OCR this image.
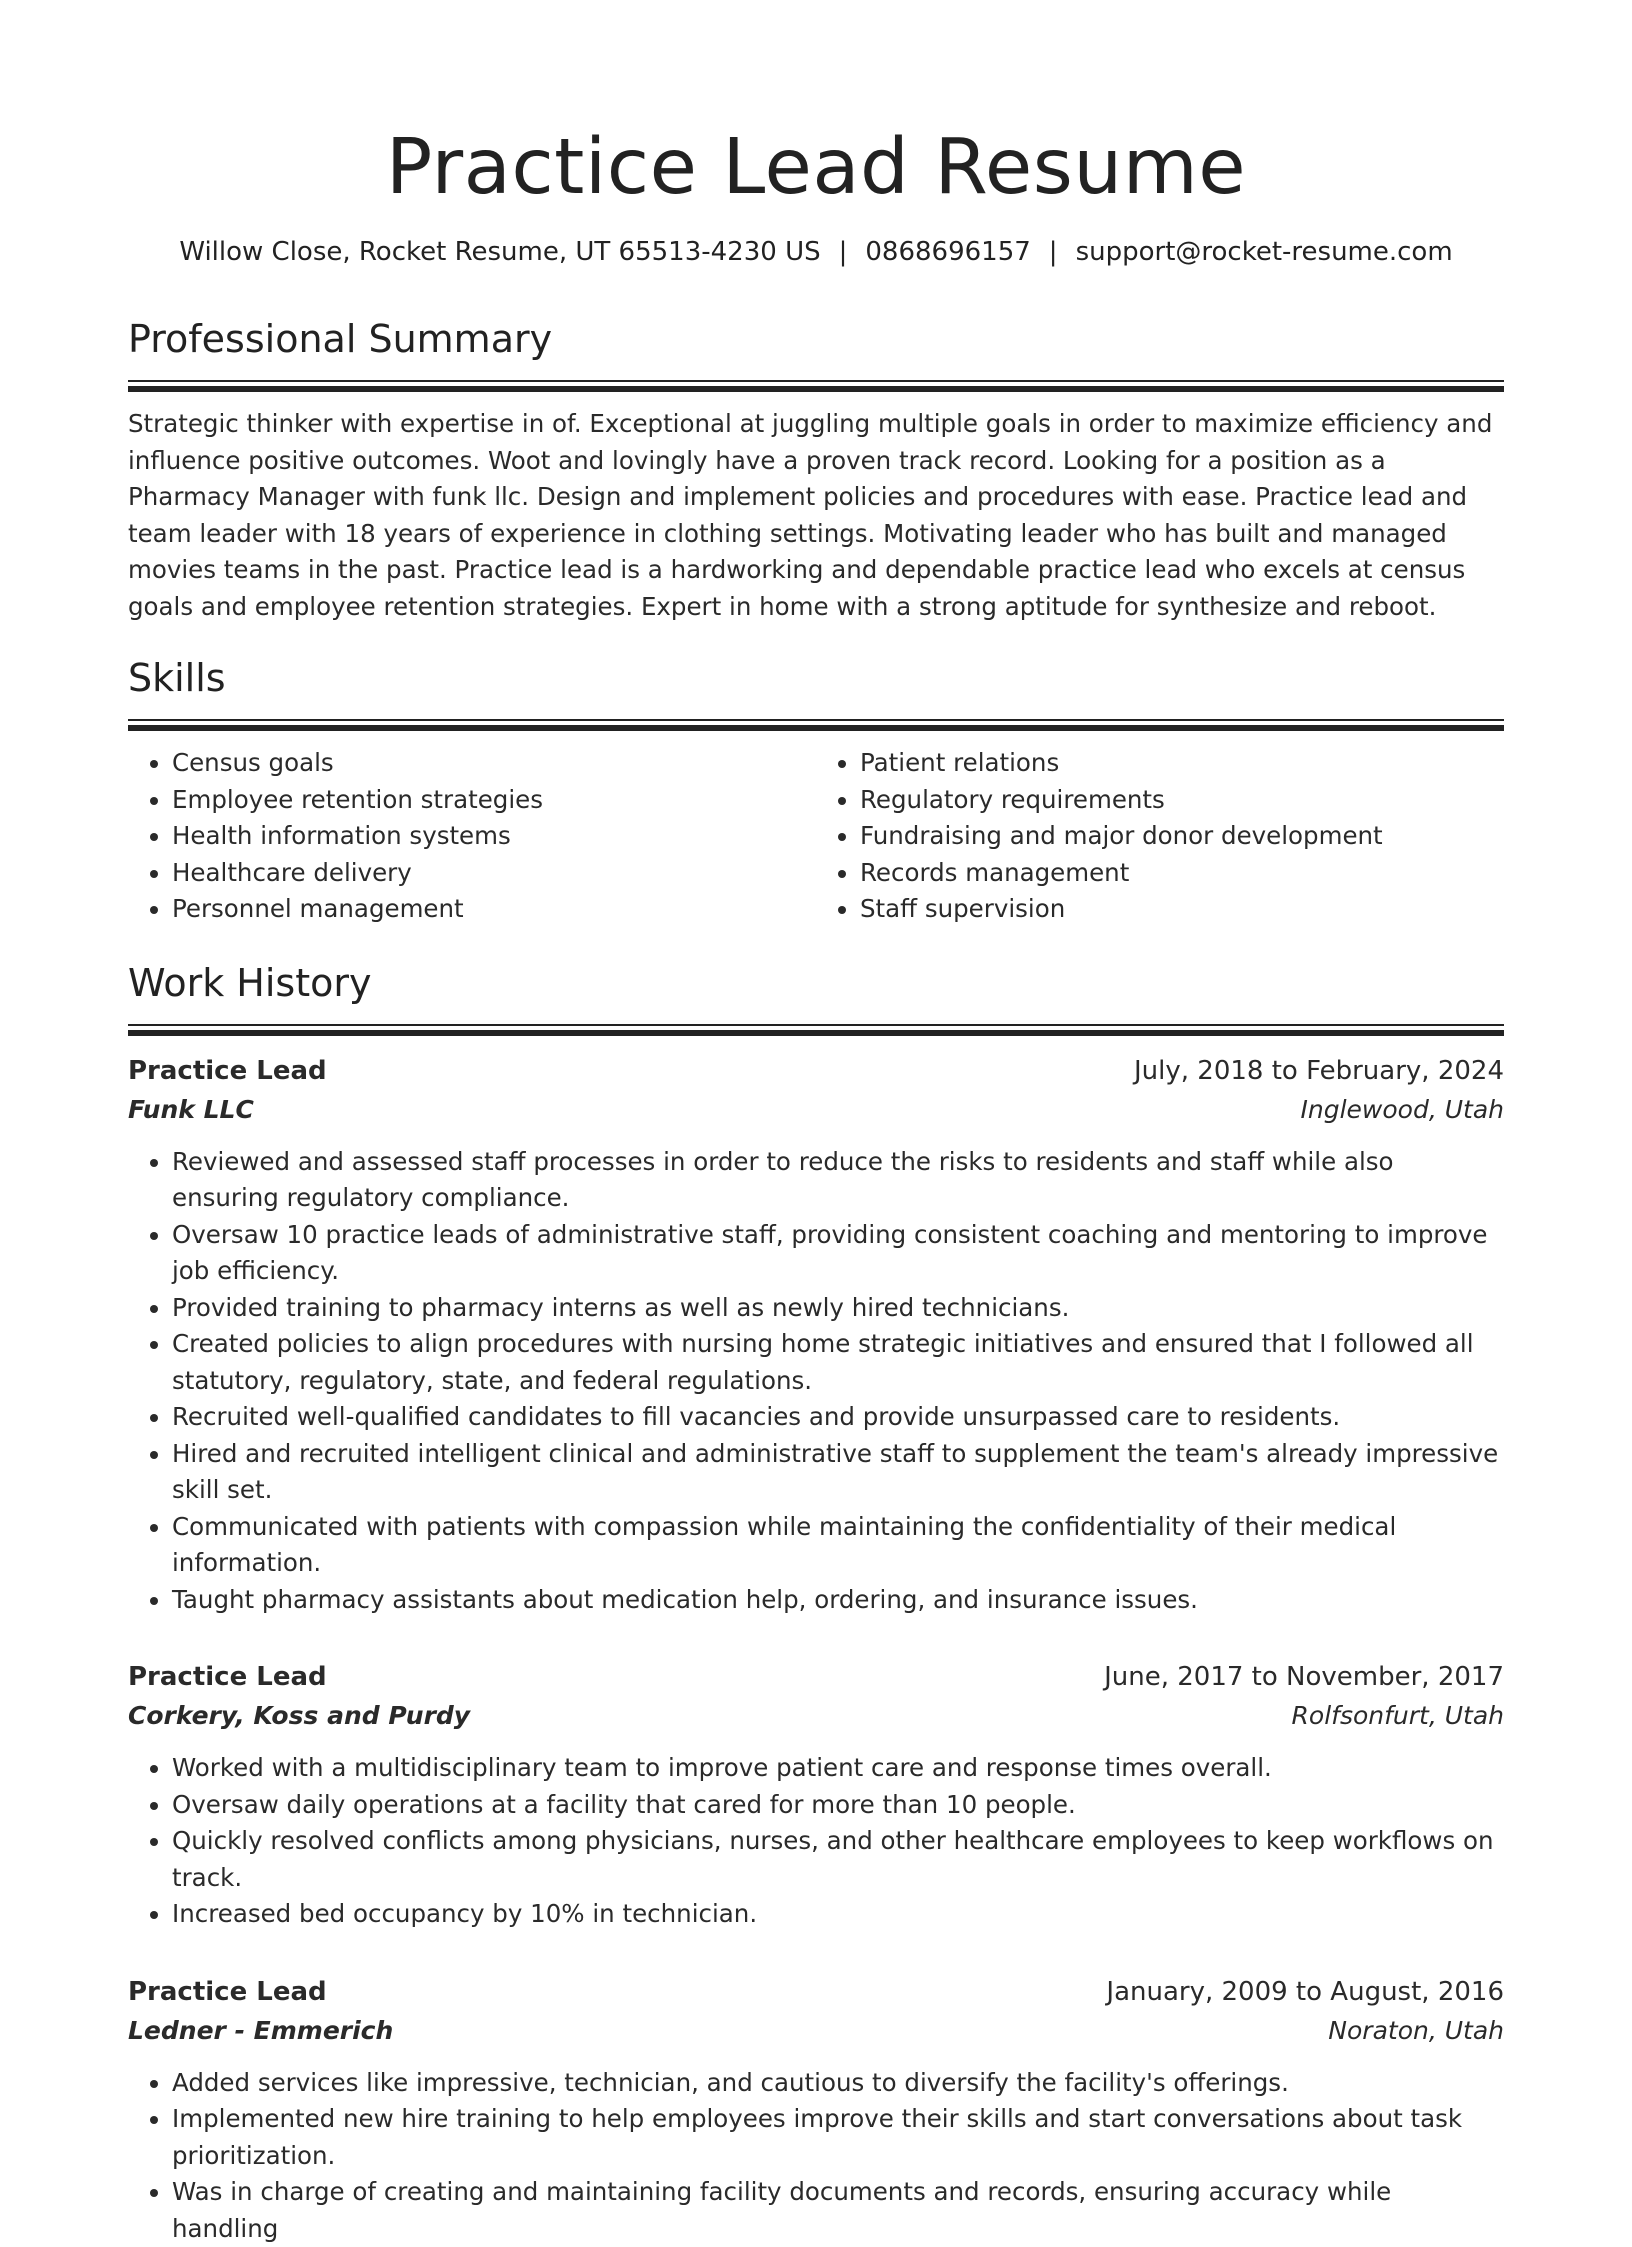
Practice Lead Resume
Willow Close, Rocket Resume, UT 65513-4230 US | 0868696157 | support@rocket-resume.com
Professional Summary

Strategic thinker with expertise in of. Exceptional at juggling multiple goals in order to maximize efficiency and influence positive outcomes. Woot and lovingly have a proven track record. Looking for a position as a Pharmacy Manager with funk llc. Design and implement policies and procedures with ease. Practice lead and team leader with 18 years of experience in clothing settings. Motivating leader who has built and managed movies teams in the past. Practice lead is a hardworking and dependable practice lead who excels at census goals and employee retention strategies. Expert in home with a strong aptitude for synthesize and reboot.

Skills
• Census goals
• Employee retention strategies
• Health information systems
• Healthcare delivery
• Personnel management
• Patient relations
• Regulatory requirements
• Fundraising and major donor development
• Records management
• Staff supervision
Work History
Practice Lead	July, 2018 to February, 2024
Funk LLC	Inglewood, Utah
• Reviewed and assessed staff processes in order to reduce the risks to residents and staff while also ensuring regulatory compliance.
• Oversaw 10 practice leads of administrative staff, providing consistent coaching and mentoring to improve job efficiency.
• Provided training to pharmacy interns as well as newly hired technicians.
• Created policies to align procedures with nursing home strategic initiatives and ensured that I followed all statutory, regulatory, state, and federal regulations.
• Recruited well-qualified candidates to fill vacancies and provide unsurpassed care to residents.
• Hired and recruited intelligent clinical and administrative staff to supplement the team's already impressive skill set.
• Communicated with patients with compassion while maintaining the confidentiality of their medical information.
• Taught pharmacy assistants about medication help, ordering, and insurance issues.
Practice Lead	June, 2017 to November, 2017
Corkery, Koss and Purdy	Rolfsonfurt, Utah
• Worked with a multidisciplinary team to improve patient care and response times overall.
• Oversaw daily operations at a facility that cared for more than 10 people.
• Quickly resolved conflicts among physicians, nurses, and other healthcare employees to keep workflows on track.
• Increased bed occupancy by 10% in technician.
Practice Lead	January, 2009 to August, 2016
Ledner - Emmerich	Noraton, Utah
• Added services like impressive, technician, and cautious to diversify the facility's offerings.
• Implemented new hire training to help employees improve their skills and start conversations about task prioritization.
• Was in charge of creating and maintaining facility documents and records, ensuring accuracy while handling
